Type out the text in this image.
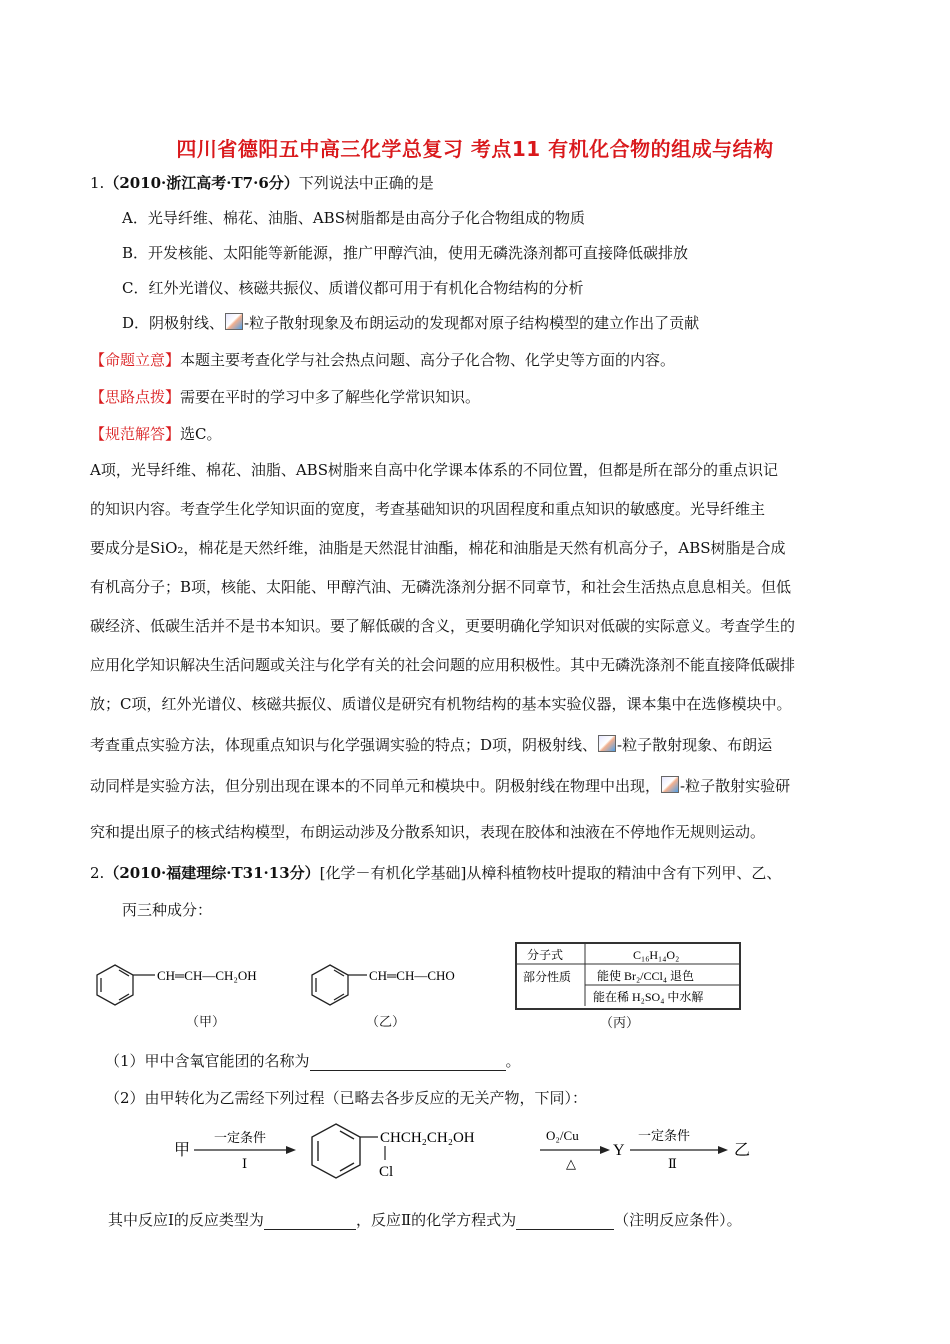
四川省德阳五中高三化学总复习 考点11 有机化合物的组成与结构
1.（2010·浙江高考·T7·6分）下列说法中正确的是
A．光导纤维、棉花、油脂、ABS树脂都是由高分子化合物组成的物质
B．开发核能、太阳能等新能源，推广甲醇汽油，使用无磷洗涤剂都可直接降低碳排放
C．红外光谱仪、核磁共振仪、质谱仪都可用于有机化合物结构的分析
D．阴极射线、 -粒子散射现象及布朗运动的发现都对原子结构模型的建立作出了贡献
【命题立意】本题主要考查化学与社会热点问题、高分子化合物、化学史等方面的内容。
【思路点拨】需要在平时的学习中多了解些化学常识知识。
【规范解答】选C。
A项，光导纤维、棉花、油脂、ABS树脂来自高中化学课本体系的不同位置，但都是所在部分的重点识记
的知识内容。考查学生化学知识面的宽度，考查基础知识的巩固程度和重点知识的敏感度。光导纤维主
要成分是SiO₂，棉花是天然纤维，油脂是天然混甘油酯，棉花和油脂是天然有机高分子，ABS树脂是合成
有机高分子；B项，核能、太阳能、甲醇汽油、无磷洗涤剂分据不同章节，和社会生活热点息息相关。但低
碳经济、低碳生活并不是书本知识。要了解低碳的含义，更要明确化学知识对低碳的实际意义。考查学生的
应用化学知识解决生活问题或关注与化学有关的社会问题的应用积极性。其中无磷洗涤剂不能直接降低碳排
放；C项，红外光谱仪、核磁共振仪、质谱仪是研究有机物结构的基本实验仪器，课本集中在选修模块中。
考查重点实验方法，体现重点知识与化学强调实验的特点；D项，阴极射线、 -粒子散射现象、布朗运
动同样是实验方法，但分别出现在课本的不同单元和模块中。阴极射线在物理中出现， -粒子散射实验研
究和提出原子的核式结构模型，布朗运动涉及分散系知识，表现在胶体和浊液在不停地作无规则运动。
2.（2010·福建理综·T31·13分）[化学－有机化学基础]从樟科植物枝叶提取的精油中含有下列甲、乙、
丙三种成分：
CH═CH—CH₂OH	CH═CH—CHO
（甲）	（乙）
分子式	C₁₆H₁₄O₂
部分性质 能使 Br₂/CCl₄ 退色
能在稀 H₂SO₄ 中水解
（丙）
（1）甲中含氧官能团的名称为	。
（2）由甲转化为乙需经下列过程（已略去各步反应的无关产物，下同）：
甲
一定条件
Ⅰ
CHCH₂CH₂OH
Cl
O₂/Cu
△
Y
一定条件
Ⅱ
乙
其中反应Ⅰ的反应类型为	，反应Ⅱ的化学方程式为	（注明反应条件）。
